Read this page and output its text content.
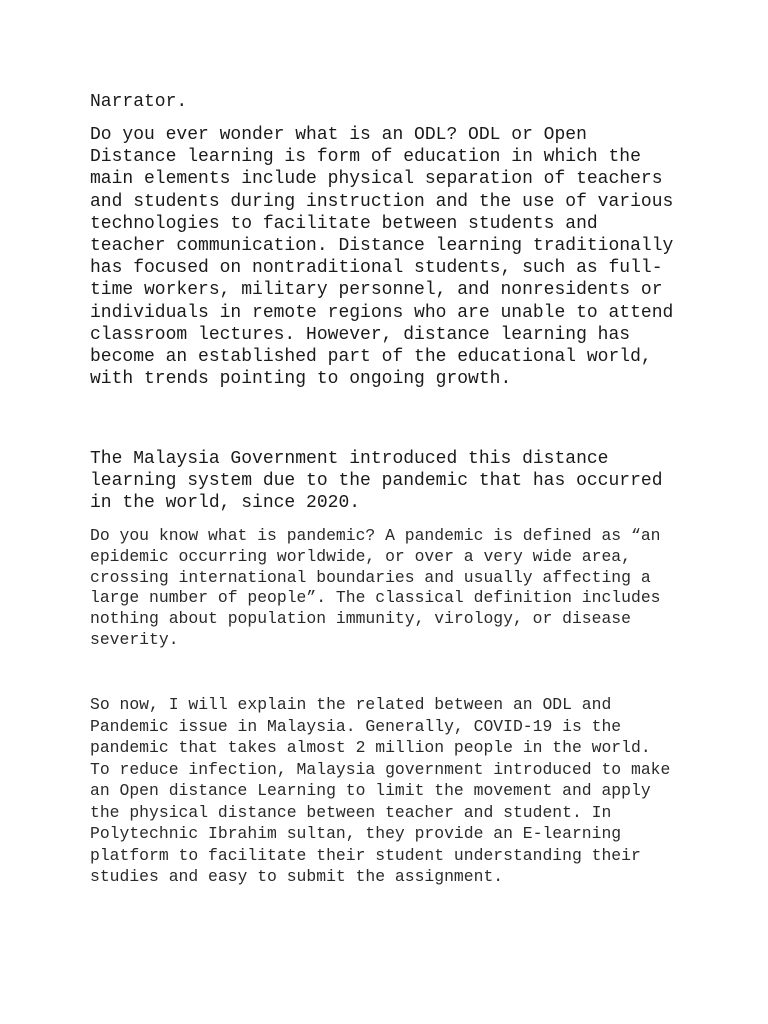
Narrator.

Do you ever wonder what is an ODL? ODL or Open Distance learning is form of education in which the main elements include physical separation of teachers and students during instruction and the use of various technologies to facilitate between students and teacher communication. Distance learning traditionally has focused on nontraditional students, such as full-time workers, military personnel, and nonresidents or individuals in remote regions who are unable to attend classroom lectures. However, distance learning has become an established part of the educational world, with trends pointing to ongoing growth.

The Malaysia Government introduced this distance learning system due to the pandemic that has occurred in the world, since 2020.

Do you know what is pandemic? A pandemic is defined as “an epidemic occurring worldwide, or over a very wide area, crossing international boundaries and usually affecting a large number of people”. The classical definition includes nothing about population immunity, virology, or disease severity.

So now, I will explain the related between an ODL and Pandemic issue in Malaysia. Generally, COVID-19 is the pandemic that takes almost 2 million people in the world. To reduce infection, Malaysia government introduced to make an Open distance Learning to limit the movement and apply the physical distance between teacher and student. In Polytechnic Ibrahim sultan, they provide an E-learning platform to facilitate their student understanding their studies and easy to submit the assignment.
